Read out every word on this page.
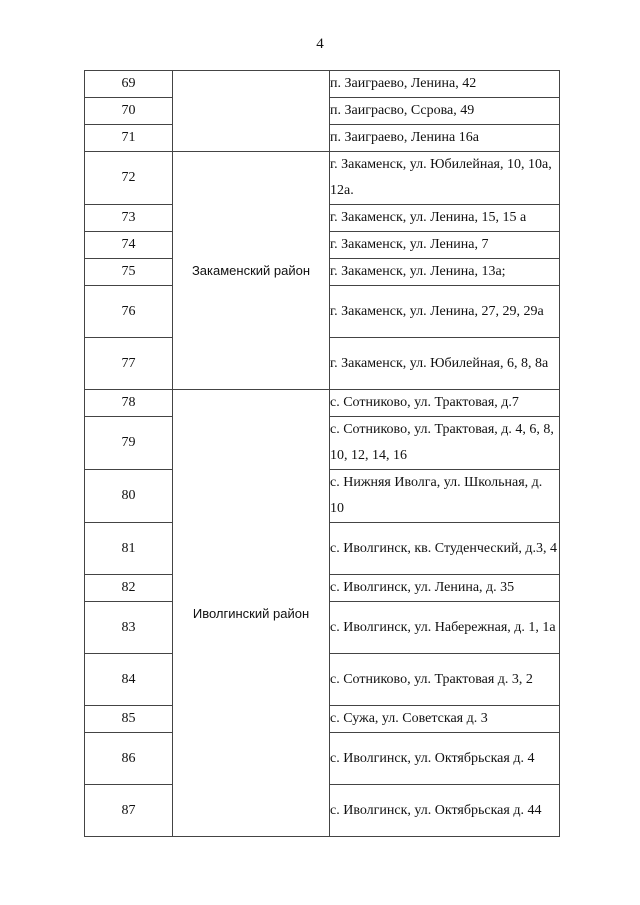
4
69		п. Заиграево, Ленина, 42
70		п. Заиграсво, Ссрова, 49
71		п. Заиграево, Ленина 16а
72	Закаменский район	г. Закаменск, ул. Юбилейная, 10, 10а, 12а.
73		г. Закаменск, ул. Ленина, 15, 15 а
74		г. Закаменск, ул. Ленина, 7
75		г. Закаменск, ул. Ленина, 13а;
76		г. Закаменск, ул. Ленина, 27, 29, 29а
77		г. Закаменск, ул. Юбилейная, 6, 8, 8а
78	Иволгинский район	с. Сотниково, ул. Трактовая, д.7
79		с. Сотниково, ул. Трактовая, д. 4, 6, 8, 10, 12, 14, 16
80		с. Нижняя Иволга, ул. Школьная, д. 10
81		с. Иволгинск, кв. Студенческий, д.3, 4
82		с. Иволгинск, ул. Ленина, д. 35
83		с. Иволгинск, ул. Набережная, д. 1, 1а
84		с. Сотниково, ул. Трактовая д. 3, 2
85		с. Сужа, ул. Советская д. 3
86		с. Иволгинск, ул. Октябрьская д. 4
87		с. Иволгинск, ул. Октябрьская д. 44
